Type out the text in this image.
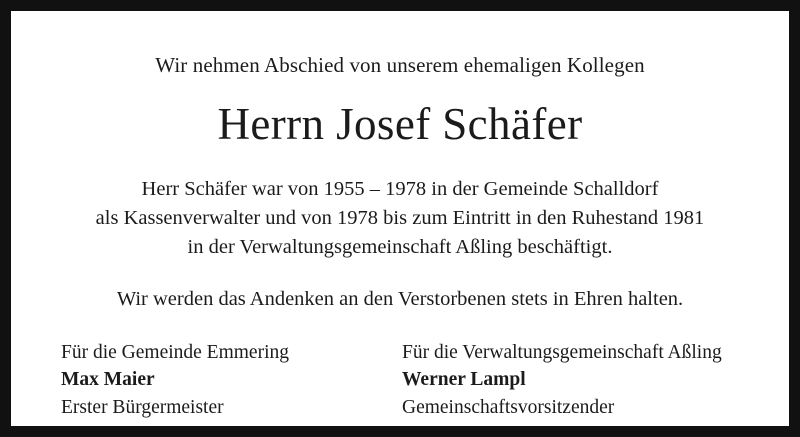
Wir nehmen Abschied von unserem ehemaligen Kollegen
Herrn Josef Schäfer
Herr Schäfer war von 1955 – 1978 in der Gemeinde Schalldorf
als Kassenverwalter und von 1978 bis zum Eintritt in den Ruhestand 1981
in der Verwaltungsgemeinschaft Aßling beschäftigt.
Wir werden das Andenken an den Verstorbenen stets in Ehren halten.
Für die Gemeinde Emmering
Max Maier
Erster Bürgermeister
Für die Verwaltungsgemeinschaft Aßling
Werner Lampl
Gemeinschaftsvorsitzender
